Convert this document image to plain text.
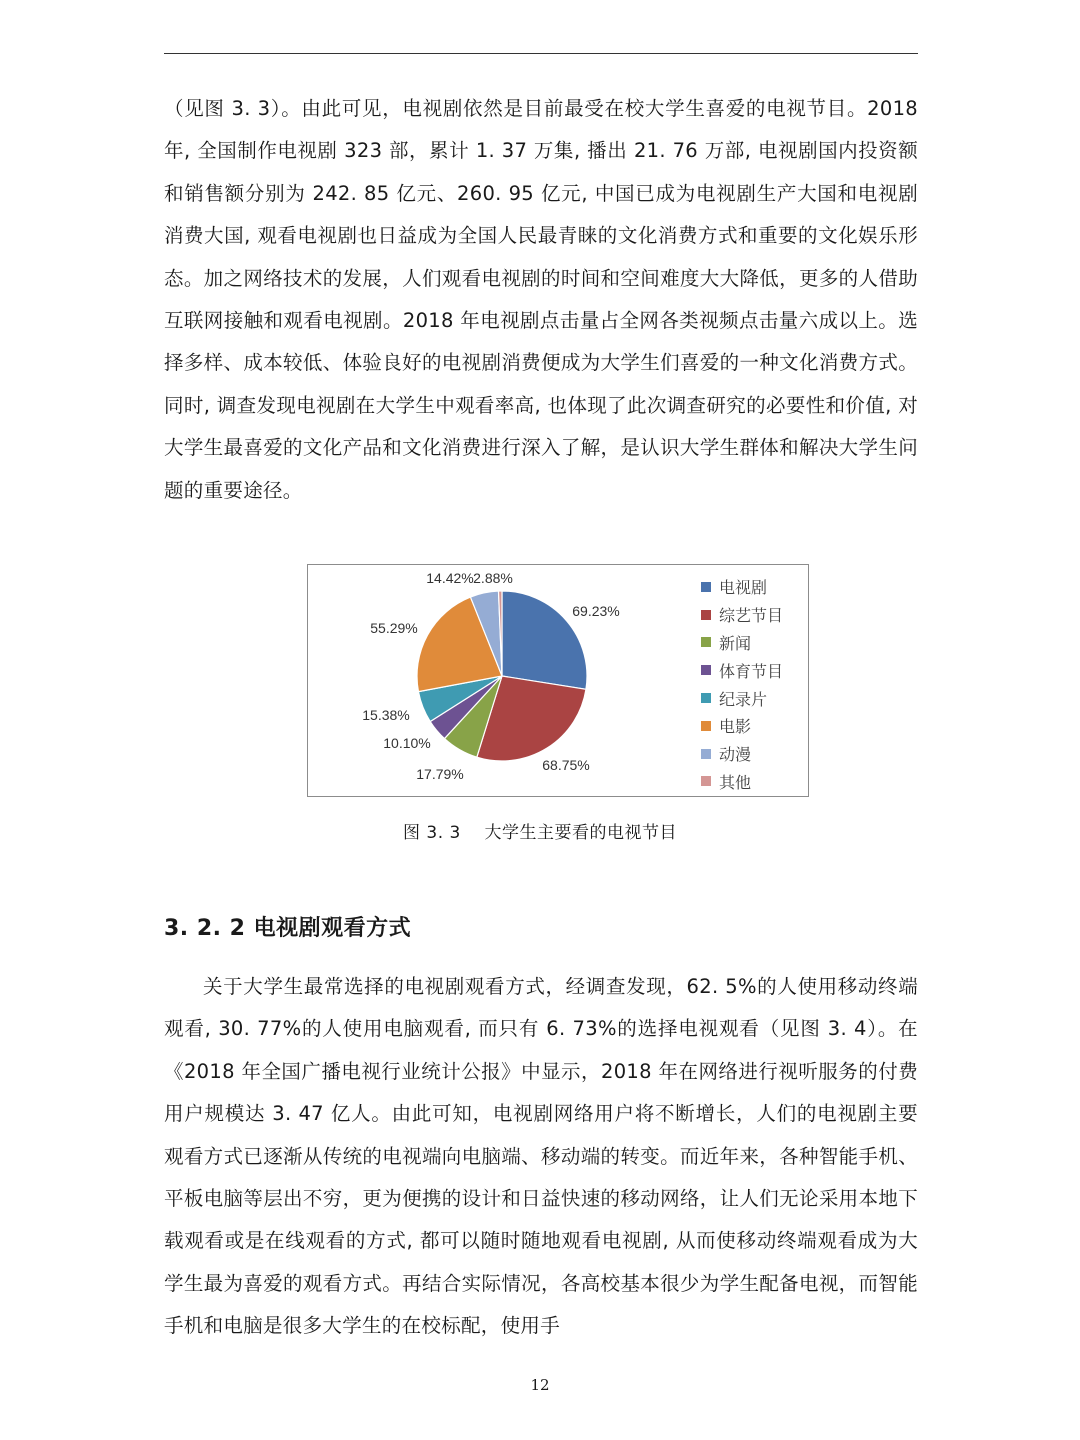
（见图 3. 3）。由此可见，电视剧依然是目前最受在校大学生喜爱的电视节目。2018 年, 全国制作电视剧 323 部，累计 1. 37 万集, 播出 21. 76 万部, 电视剧国内投资额和销售额分别为 242. 85 亿元、260. 95 亿元, 中国已成为电视剧生产大国和电视剧消费大国, 观看电视剧也日益成为全国人民最青睐的文化消费方式和重要的文化娱乐形态。加之网络技术的发展，人们观看电视剧的时间和空间难度大大降低，更多的人借助互联网接触和观看电视剧。2018 年电视剧点击量占全网各类视频点击量六成以上。选择多样、成本较低、体验良好的电视剧消费便成为大学生们喜爱的一种文化消费方式。同时, 调查发现电视剧在大学生中观看率高, 也体现了此次调查研究的必要性和价值, 对大学生最喜爱的文化产品和文化消费进行深入了解，是认识大学生群体和解决大学生问题的重要途径。

69.23%
68.75%
17.79%
10.10%
15.38%
55.29%
14.42% 2.88%
电视剧
综艺节目
新闻
体育节目
纪录片
电影
动漫
其他
图 3. 3    大学生主要看的电视节目
3. 2. 2 电视剧观看方式

关于大学生最常选择的电视剧观看方式，经调查发现，62. 5%的人使用移动终端观看, 30. 77%的人使用电脑观看, 而只有 6. 73%的选择电视观看（见图 3. 4）。在《2018 年全国广播电视行业统计公报》中显示，2018 年在网络进行视听服务的付费用户规模达 3. 47 亿人。由此可知，电视剧网络用户将不断增长，人们的电视剧主要观看方式已逐渐从传统的电视端向电脑端、移动端的转变。而近年来，各种智能手机、平板电脑等层出不穷，更为便携的设计和日益快速的移动网络，让人们无论采用本地下载观看或是在线观看的方式, 都可以随时随地观看电视剧, 从而使移动终端观看成为大学生最为喜爱的观看方式。再结合实际情况，各高校基本很少为学生配备电视，而智能手机和电脑是很多大学生的在校标配，使用手

12
